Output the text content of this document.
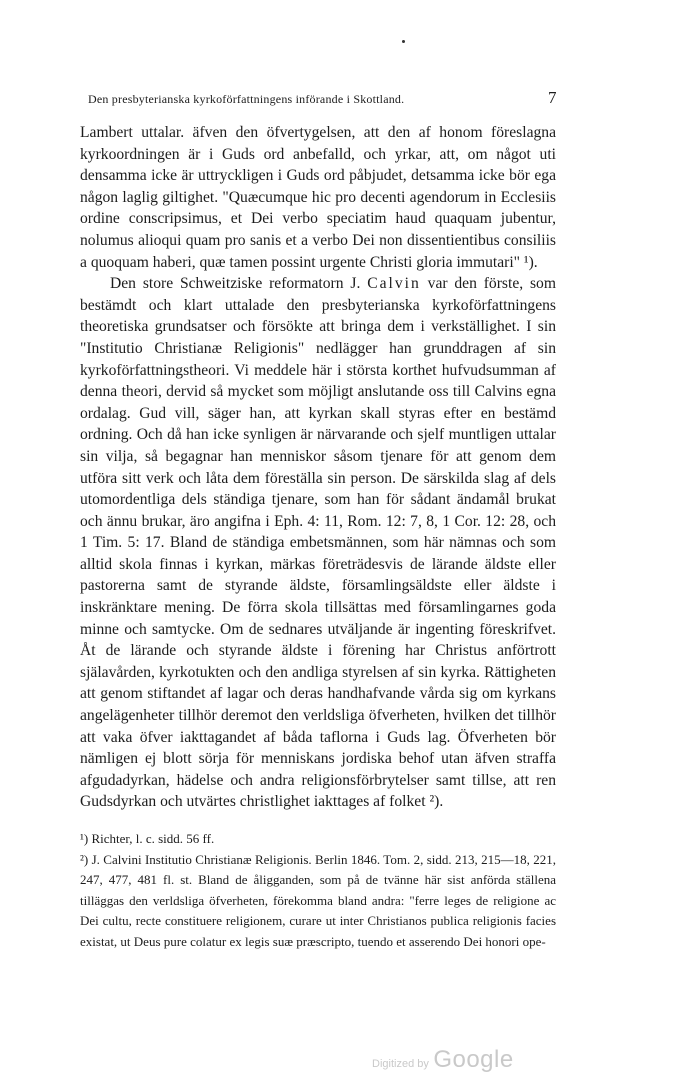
Den presbyterianska kyrkoförfattningens införande i Skottland.	7

Lambert uttalar. äfven den öfvertygelsen, att den af honom föreslagna kyrkoordningen är i Guds ord anbefalld, och yrkar, att, om något uti densamma icke är uttryckligen i Guds ord påbjudet, detsamma icke bör ega någon laglig giltighet. "Quæcumque hic pro decenti agendorum in Ecclesiis ordine conscripsimus, et Dei verbo speciatim haud quaquam jubentur, nolumus alioqui quam pro sanis et a verbo Dei non dissentientibus consiliis a quoquam haberi, quæ tamen possint urgente Christi gloria immutari" ¹).

Den store Schweitziske reformatorn J. Calvin var den förste, som bestämdt och klart uttalade den presbyterianska kyrkoförfattningens theoretiska grundsatser och försökte att bringa dem i verkställighet. I sin "Institutio Christianæ Religionis" nedlägger han grunddragen af sin kyrkoförfattningstheori. Vi meddele här i största korthet hufvudsumman af denna theori, dervid så mycket som möjligt anslutande oss till Calvins egna ordalag. Gud vill, säger han, att kyrkan skall styras efter en bestämd ordning. Och då han icke synligen är närvarande och sjelf muntligen uttalar sin vilja, så begagnar han menniskor såsom tjenare för att genom dem utföra sitt verk och låta dem föreställa sin person. De särskilda slag af dels utomordentliga dels ständiga tjenare, som han för sådant ändamål brukat och ännu brukar, äro angifna i Eph. 4: 11, Rom. 12: 7, 8, 1 Cor. 12: 28, och 1 Tim. 5: 17. Bland de ständiga embetsmännen, som här nämnas och som alltid skola finnas i kyrkan, märkas företrädesvis de lärande äldste eller pastorerna samt de styrande äldste, församlingsäldste eller äldste i inskränktare mening. De förra skola tillsättas med församlingarnes goda minne och samtycke. Om de sednares utväljande är ingenting föreskrifvet. Åt de lärande och styrande äldste i förening har Christus anförtrott själavården, kyrkotukten och den andliga styrelsen af sin kyrka. Rättigheten att genom stiftandet af lagar och deras handhafvande vårda sig om kyrkans angelägenheter tillhör deremot den verldsliga öfverheten, hvilken det tillhör att vaka öfver iakttagandet af båda taflorna i Guds lag. Öfverheten bör nämligen ej blott sörja för menniskans jordiska behof utan äfven straffa afgudadyrkan, hädelse och andra religionsförbrytelser samt tillse, att ren Gudsdyrkan och utvärtes christlighet iakttages af folket ²).

¹) Richter, l. c. sidd. 56 ff.

²) J. Calvini Institutio Christianæ Religionis. Berlin 1846. Tom. 2, sidd. 213, 215—18, 221, 247, 477, 481 fl. st. Bland de åligganden, som på de tvänne här sist anförda ställena tilläggas den verldsliga öfverheten, förekomma bland andra: "ferre leges de religione ac Dei cultu, recte constituere religionem, curare ut inter Christianos publica religionis facies existat, ut Deus pure colatur ex legis suæ præscripto, tuendo et asserendo Dei honori ope-

Digitized by Google
